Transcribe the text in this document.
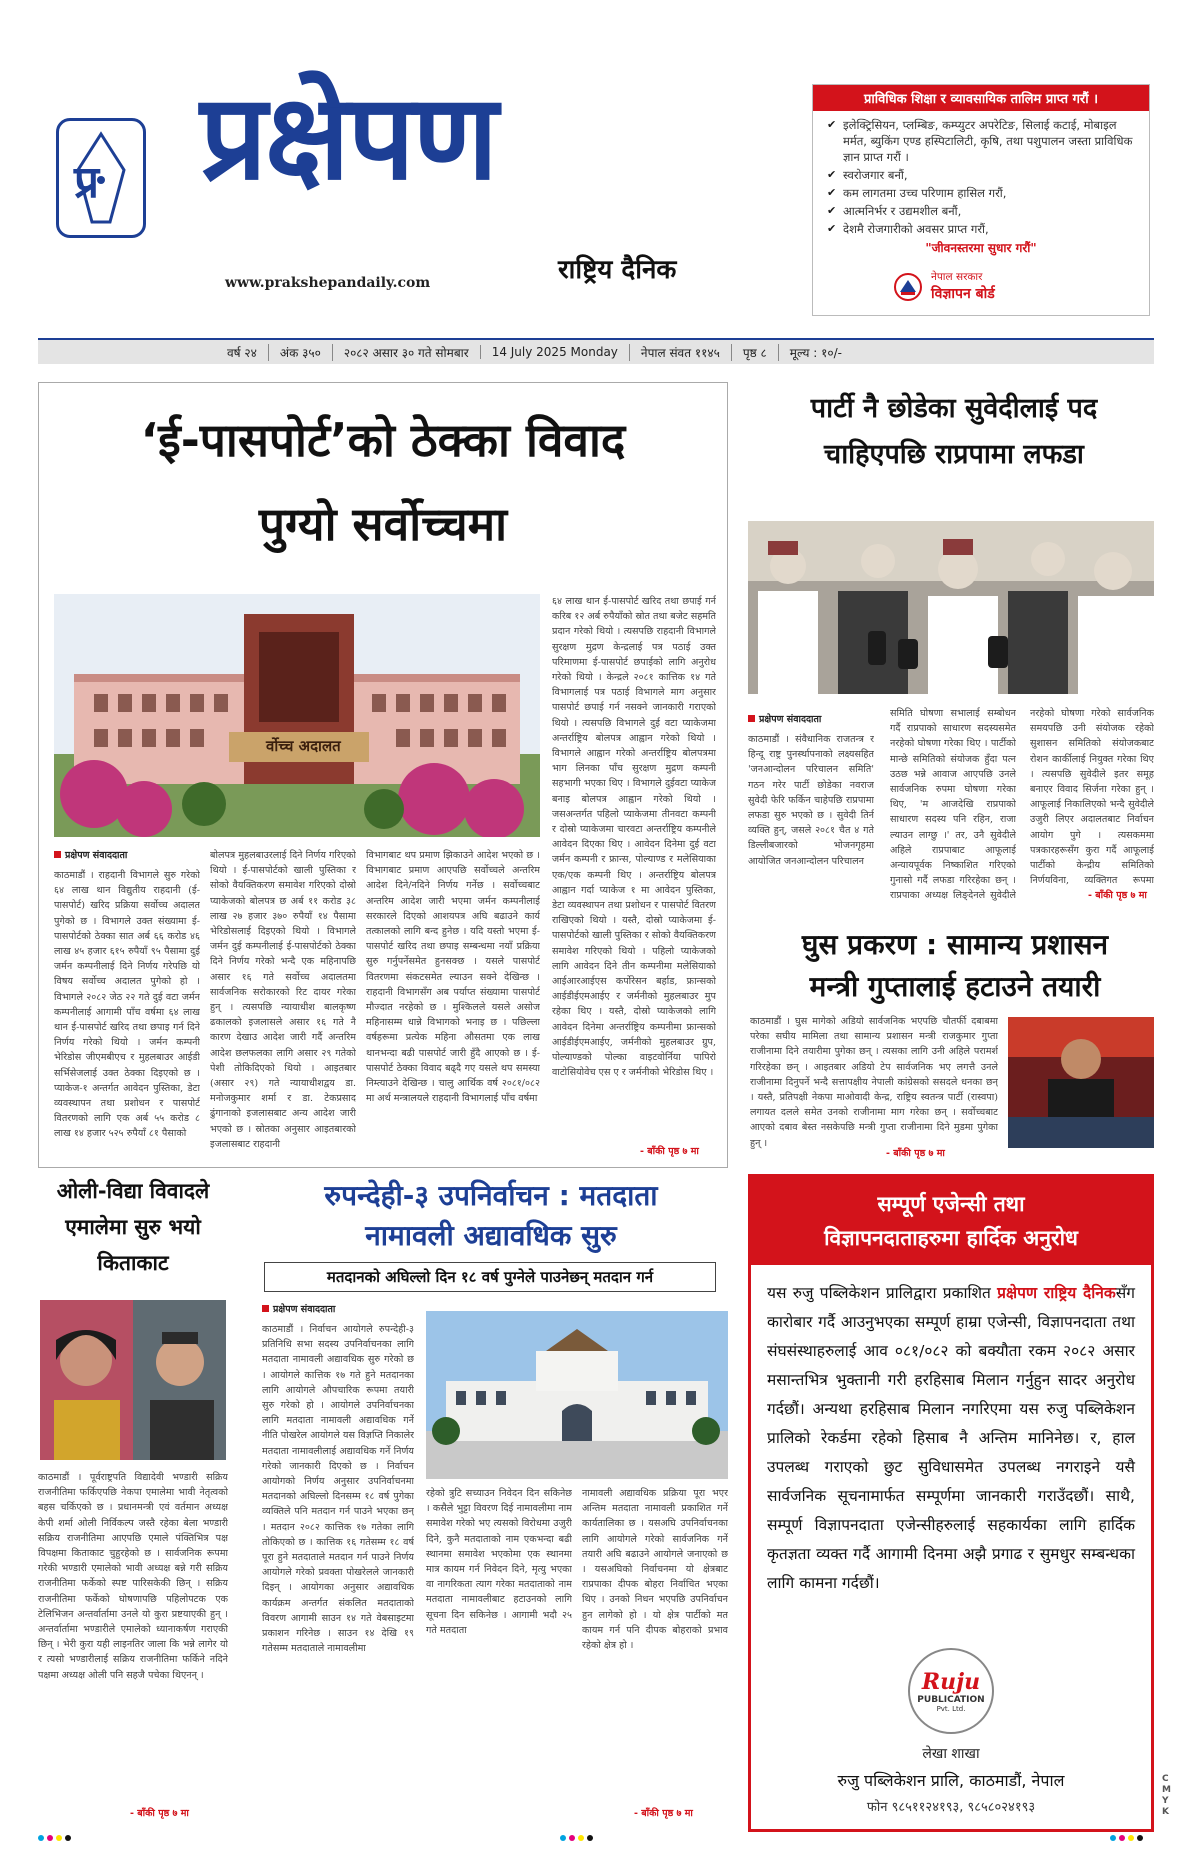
प्र प्रक्षेपण
राष्ट्रिय दैनिक
www.prakshepandaily.com
प्राविधिक शिक्षा र व्यावसायिक तालिम प्राप्त गरौं ।
✔ इलेक्ट्रिसियन, प्लम्बिङ, कम्प्युटर अपरेटिङ, सिलाई कटाई, मोबाइल मर्मत, ब्युकिंग एण्ड हस्पिटालिटी, कृषि, तथा पशुपालन जस्ता प्राविधिक ज्ञान प्राप्त गरौं ।
✔ स्वरोजगार बनौं,
✔ कम लागतमा उच्च परिणाम हासिल गरौं,
✔ आत्मनिर्भर र उद्यमशील बनौं,
✔ देशमै रोजगारीको अवसर प्राप्त गरौं,
"जीवनस्तरमा सुधार गरौं"
नेपाल सरकार
विज्ञापन बोर्ड
वर्ष २४	अंक ३५०	२०८२ असार ३० गते सोमबार	14 July 2025 Monday	नेपाल संवत ११४५	पृष्ठ ८	मूल्य : १०/-
‘ई-पासपोर्ट’को ठेक्का विवाद
पुग्यो सर्वोच्चमा
र्वोच्च अदालत
प्रक्षेपण संवाददाता
काठमाडौं । राहदानी विभागले सुरु गरेको ६४ लाख थान विद्युतीय राहदानी (ई-पासपोर्ट) खरिद प्रक्रिया सर्वोच्च अदालत पुगेको छ । विभागले उक्त संख्यामा ई-पासपोर्टको ठेक्का सात अर्ब ६६ करोड ४६ लाख ४५ हजार ६१५ रुपैयाँ ९५ पैसामा दुई जर्मन कम्पनीलाई दिने निर्णय गरेपछि यो विषय सर्वोच्च अदालत पुगेको हो । विभागले २०८२ जेठ २२ गते दुई वटा जर्मन कम्पनीलाई आगामी पाँच वर्षमा ६४ लाख थान ई-पासपोर्ट खरिद तथा छपाइ गर्न दिने निर्णय गरेको थियो । जर्मन कम्पनी भेरिडोस जीएमबीएच र मुहलबाउर आईडी सर्भिसेजलाई उक्त ठेक्का दिइएको छ । प्याकेज-१ अन्तर्गत आवेदन पुस्तिका, डेटा व्यवस्थापन तथा प्रशोधन र पासपोर्ट वितरणको लागि एक अर्ब ५५ करोड ८ लाख १४ हजार ५२५ रुपैयाँ ८१ पैसाको
बोलपत्र मुहलबाउरलाई दिने निर्णय गरिएको थियो । ई-पासपोर्टको खाली पुस्तिका र सोको वैयक्तिकरण समावेश गरिएको दोस्रो प्याकेजको बोलपत्र छ अर्ब ११ करोड ३८ लाख २७ हजार ३७० रुपैयाँ १४ पैसामा भेरिडोसलाई दिइएको थियो । विभागले जर्मन दुई कम्पनीलाई ई-पासपोर्टको ठेक्का दिने निर्णय गरेको भन्दै एक महिनापछि असार १६ गते सर्वोच्च अदालतमा सार्वजनिक सरोकारको रिट दायर गरेका हुन् । त्यसपछि न्यायाधीश बालकृष्ण ढकालको इजलासले असार १६ गते नै कारण देखाउ आदेश जारी गर्दै अन्तरिम आदेश छलफलका लागि असार २९ गतेको पेशी तोकिदिएको थियो । आइतबार (असार २९) गते न्यायाधीशद्वय डा. मनोजकुमार शर्मा र डा. टेकप्रसाद ढुंगानाको इजलासबाट अन्य आदेश जारी भएको छ । स्रोतका अनुसार आइतबारको इजलासबाट राहदानी
विभागबाट थप प्रमाण झिकाउने आदेश भएको छ । विभागबाट प्रमाण आएपछि सर्वोच्चले अन्तरिम आदेश दिने/नदिने निर्णय गर्नेछ । सर्वोच्चबाट अन्तरिम आदेश जारी भएमा जर्मन कम्पनीलाई सरकारले दिएको आशयपत्र अघि बढाउने कार्य तत्कालको लागि बन्द हुनेछ । यदि यस्तो भएमा ई-पासपोर्ट खरिद तथा छपाइ सम्बन्धमा नयाँ प्रक्रिया सुरु गर्नुपर्नेसमेत हुनसक्छ । यसले पासपोर्ट वितरणमा संकटसमेत ल्याउन सक्ने देखिन्छ । राहदानी विभागसँग अब पर्याप्त संख्यामा पासपोर्ट मौज्दात नरहेको छ । मुश्किलले यसले असोज महिनासम्म धान्ने विभागको भनाइ छ । पछिल्ला वर्षहरूमा प्रत्येक महिना औसतमा एक लाख थानभन्दा बढी पासपोर्ट जारी हुँदै आएको छ । ई-पासपोर्ट ठेक्का विवाद बढ्दै गए यसले थप समस्या निम्त्याउने देखिन्छ । चालु आर्थिक वर्ष २०८१/०८२ मा अर्थ मन्त्रालयले राहदानी विभागलाई पाँच वर्षमा
६४ लाख थान ई-पासपोर्ट खरिद तथा छपाई गर्न करिब १२ अर्ब रुपैयाँको स्रोत तथा बजेट सहमति प्रदान गरेको थियो । त्यसपछि राहदानी विभागले सुरक्षण मुद्रण केन्द्रलाई पत्र पठाई उक्त परिमाणमा ई-पासपोर्ट छपाईको लागि अनुरोध गरेको थियो । केन्द्रले २०८१ कात्तिक १४ गते विभागलाई पत्र पठाई विभागले माग अनुसार पासपोर्ट छपाई गर्न नसक्ने जानकारी गराएको थियो । त्यसपछि विभागले दुई वटा प्याकेजमा अन्तर्राष्ट्रिय बोलपत्र आह्वान गरेको थियो । विभागले आह्वान गरेको अन्तर्राष्ट्रिय बोलपत्रमा भाग लिनका पाँच सुरक्षण मुद्रण कम्पनी सहभागी भएका थिए । विभागले दुईवटा प्याकेज बनाइ बोलपत्र आह्वान गरेको थियो । जसअन्तर्गत पहिलो प्याकेजमा तीनवटा कम्पनी र दोस्रो प्याकेजमा चारवटा अन्तर्राष्ट्रिय कम्पनीले आवेदन दिएका थिए । आवेदन दिनेमा दुई वटा जर्मन कम्पनी र फ्रान्स, पोल्याण्ड र मलेसियाका एक/एक कम्पनी थिए । अन्तर्राष्ट्रिय बोलपत्र आह्वान गर्दा प्याकेज १ मा आवेदन पुस्तिका, डेटा व्यवस्थापन तथा प्रशोधन र पासपोर्ट वितरण राखिएको थियो । यस्तै, दोस्रो प्याकेजमा ई-पासपोर्टको खाली पुस्तिका र सोको वैयक्तिकरण समावेश गरिएको थियो । पहिलो प्याकेजको लागि आवेदन दिने तीन कम्पनीमा मलेसियाको आईआरआईएस कर्पोरेसन बर्हाड, फ्रान्सको आईडीईएमआईए र जर्मनीको मुहलबाउर मुप रहेका थिए । यस्तै, दोस्रो प्याकेजको लागि आवेदन दिनेमा अन्तर्राष्ट्रिय कम्पनीमा फ्रान्सको आईडीईएमआईए, जर्मनीको मुहलबाउर ग्रुप, पोल्याण्डको पोल्का वाइटवोर्निया पापिरो वाटोसियोवेच एस ए र जर्मनीको भेरिडोस थिए ।
- बाँकी पृष्ठ ७ मा
पार्टी नै छोडेका सुवेदीलाई पद
चाहिएपछि राप्रपामा लफडा
प्रक्षेपण संवाददाता
काठमाडौं । संवैधानिक राजतन्त्र र हिन्दू राष्ट्र पुनर्स्थापनाको लक्ष्यसहित 'जनआन्दोलन परिचालन समिति' गठन गरेर पार्टी छोडेका नवराज सुवेदी फेरि फर्किन चाहेपछि राप्रपामा लफडा सुरु भएको छ । सुवेदी तिर्न व्यक्ति हुन्, जसले २०८१ चैत ४ गते डिल्लीबजारको भोजनगृहमा आयोजित जनआन्दोलन परिचालन
समिति घोषणा सभालाई सम्बोधन गर्दै राप्रपाको साधारण सदस्यसमेत नरहेको घोषणा गरेका थिए । पार्टीको मान्छे समितिको संयोजक हुँदा पत्न उठछ भन्ने आवाज आएपछि उनले सार्वजनिक रुपमा घोषणा गरेका थिए, 'म आजदेखि राप्रपाको साधारण सदस्य पनि रहिन, राजा ल्याउन लाग्छु ।' तर, उनै सुवेदीले अहिले राप्रपाबाट आफूलाई अन्यायपूर्वक निष्काशित गरिएको गुनासो गर्दै लफडा गरिरहेका छन् । राप्रपाका अध्यक्ष लिङ्देनले सुवेदीले
नरहेको घोषणा गरेको सार्वजनिक समयपछि उनी संयोजक रहेको सुशासन समितिको संयोजकबाट रोशन कार्कीलाई नियुक्त गरेका थिए । त्यसपछि सुवेदीले इतर समूह बनाएर विवाद सिर्जना गरेका हुन् । आफूलाई निकालिएको भन्दै सुवेदीले उजुरी लिएर अदालतबाट निर्वाचन आयोग पुगे । त्यसकममा पत्रकारहरूसँग कुरा गर्दै आफूलाई पार्टीको केन्द्रीय समितिको निर्णयविना, व्यक्तिगत रूपमा
- बाँकी पृष्ठ ७ मा
घुस प्रकरण : सामान्य प्रशासन
मन्त्री गुप्तालाई हटाउने तयारी
काठमाडौं । घुस मागेको अडियो सार्वजनिक भएपछि चौतर्फी दबाबमा परेका सघीय मामिला तथा सामान्य प्रशासन मन्त्री राजकुमार गुप्ता राजीनामा दिने तयारीमा पुगेका छन् । त्यसका लागि उनी अहिले परामर्श गरिरहेका छन् । आइतबार अडियो टेप सार्वजनिक भए लगत्तै उनले राजीनामा दिनुपर्ने भन्दै सत्तापक्षीय नेपाली कांग्रेसको ससदले धनका छन् । यस्तै, प्रतिपक्षी नेकपा माओवादी केन्द्र, राष्ट्रिय स्वतन्त्र पार्टी (रास्वपा) लगायत दलले समेत उनको राजीनामा माग गरेका छन् । सर्वोच्चबाट आएको दबाव बेस्त नसकेपछि मन्त्री गुप्ता राजीनामा दिने मुडमा पुगेका हुन् ।
- बाँकी पृष्ठ ७ मा
ओली-विद्या विवादले
एमालेमा सुरु भयो
किताकाट
काठमाडौं । पूर्वराष्ट्रपति विद्यादेवी भण्डारी सक्रिय राजनीतिमा फर्किएपछि नेकपा एमालेमा भावी नेतृत्वको बहस चर्किएको छ । प्रधानमन्त्री एवं वर्तमान अध्यक्ष केपी शर्मा ओली निर्विकल्प जस्तै रहेका बेला भण्डारी सक्रिय राजनीतिमा आएपछि एमाले पंक्तिभित्र पक्ष विपक्षमा किताकाट चुहुरहेको छ । सार्वजनिक रूपमा गरेकी भण्डारी एमालेको भावी अध्यक्ष बन्ने गरी सक्रिय राजनीतिमा फर्केको स्पष्ट पारिसकेकी छिन् । सक्रिय राजनीतिमा फर्केको घोषणापछि पहिलोपटक एक टेलिभिजन अन्तर्वार्तामा उनले यो कुरा प्रष्टयाएकी हुन् । अन्तर्वार्तामा भण्डारीले एमालेको ध्यानाकर्षण गराएकी छिन् । भेरी कुरा यही लाइनतिर जाला कि भन्ने लागेर यो र त्यसो भण्डारीलाई सक्रिय राजनीतिमा फर्किने नदिने पक्षमा अध्यक्ष ओली पनि सहजै पचेका थिएनन् ।
- बाँकी पृष्ठ ७ मा
रुपन्देही-३ उपनिर्वाचन : मतदाता
नामावली अद्यावधिक सुरु
मतदानको अघिल्लो दिन १८ वर्ष पुग्नेले पाउनेछन् मतदान गर्न
प्रक्षेपण संवाददाता
काठमाडौं । निर्वाचन आयोगले रुपन्देही-३ प्रतिनिधि सभा सदस्य उपनिर्वाचनका लागि मतदाता नामावली अद्यावधिक सुरु गरेको छ । आयोगले कात्तिक १७ गते हुने मतदानका लागि आयोगले औपचारिक रूपमा तयारी सुरु गरेको हो । आयोगले उपनिर्वाचनका लागि मतदाता नामावली अद्यावधिक गर्ने नीति पोखरेल आयोगले यस विज्ञप्ति निकालेर मतदाता नामावलीलाई अद्यावधिक गर्ने निर्णय गरेको जानकारी दिएको छ । निर्वाचन आयोगको निर्णय अनुसार उपनिर्वाचनमा मतदानको अघिल्लो दिनसम्म १८ वर्ष पुगेका व्यक्तिले पनि मतदान गर्न पाउने भएका छन् । मतदान २०८२ कात्तिक १७ गतेका लागि तोकिएको छ । कात्तिक १६ गतेसम्म १८ वर्ष पूरा हुने मतदाताले मतदान गर्न पाउने निर्णय आयोगले गरेको प्रवक्ता पोखरेलले जानकारी दिइन् । आयोगका अनुसार अद्यावधिक कार्यक्रम अन्तर्गत संकलित मतदाताको विवरण आगामी साउन १४ गते वेबसाइटमा प्रकाशन गरिनेछ । साउन १४ देखि १९ गतेसम्म मतदाताले नामावलीमा
रहेको त्रुटि सच्याउन निवेदन दिन सकिनेछ । कसैले भुट्टा विवरण दिई नामावलीमा नाम समावेश गरेको भए त्यसको विरोधमा उजुरी दिने, कुनै मतदाताको नाम एकभन्दा बढी स्थानमा समावेश भएकोमा एक स्थानमा मात्र कायम गर्न निवेदन दिने, मृत्यु भएका वा नागरिकता त्याग गरेका मतदाताको नाम मतदाता नामावलीबाट हटाउनको लागि सूचना दिन सकिनेछ । आगामी भदौ २५ गते मतदाता
नामावली अद्यावधिक प्रक्रिया पूरा भएर अन्तिम मतदाता नामावली प्रकाशित गर्ने कार्यतालिका छ । यसअघि उपनिर्वाचनका लागि आयोगले गरेको सार्वजनिक गर्ने तयारी अघि बढाउने आयोगले जनाएको छ । यसअघिको निर्वाचनमा यो क्षेत्रबाट राप्रपाका दीपक बोहरा निर्वाचित भएका थिए । उनको निधन भएपछि उपनिर्वाचन हुन लागेको हो । यो क्षेत्र पार्टीको मत कायम गर्न पनि दीपक बोहराको प्रभाव रहेको क्षेत्र हो ।
- बाँकी पृष्ठ ७ मा
सम्पूर्ण एजेन्सी तथा
विज्ञापनदाताहरुमा हार्दिक अनुरोध
यस रुजु पब्लिकेशन प्रालिद्वारा प्रकाशित प्रक्षेपण राष्ट्रिय दैनिकसँग कारोबार गर्दै आउनुभएका सम्पूर्ण हाम्रा एजेन्सी, विज्ञापनदाता तथा संघसंस्थाहरुलाई आव ०८१/०८२ को बक्यौता रकम २०८२ असार मसान्तभित्र भुक्तानी गरी हरहिसाब मिलान गर्नुहुन सादर अनुरोध गर्दछौं। अन्यथा हरहिसाब मिलान नगरिएमा यस रुजु पब्लिकेशन प्रालिको रेकर्डमा रहेको हिसाब नै अन्तिम मानिनेछ। र, हाल उपलब्ध गराएको छुट सुविधासमेत उपलब्ध नगराइने यसै सार्वजनिक सूचनामार्फत सम्पूर्णमा जानकारी गराउँदछौं। साथै, सम्पूर्ण विज्ञापनदाता एजेन्सीहरुलाई सहकार्यका लागि हार्दिक कृतज्ञता व्यक्त गर्दै आगामी दिनमा अझै प्रगाढ र सुमधुर सम्बन्धका लागि कामना गर्दछौं।
Ruju
PUBLICATION
Pvt. Ltd.
लेखा शाखा
रुजु पब्लिकेशन प्रालि, काठमाडौं, नेपाल
फोन ९८५११२४१९३, ९८५८०२४१९३
CMYK
